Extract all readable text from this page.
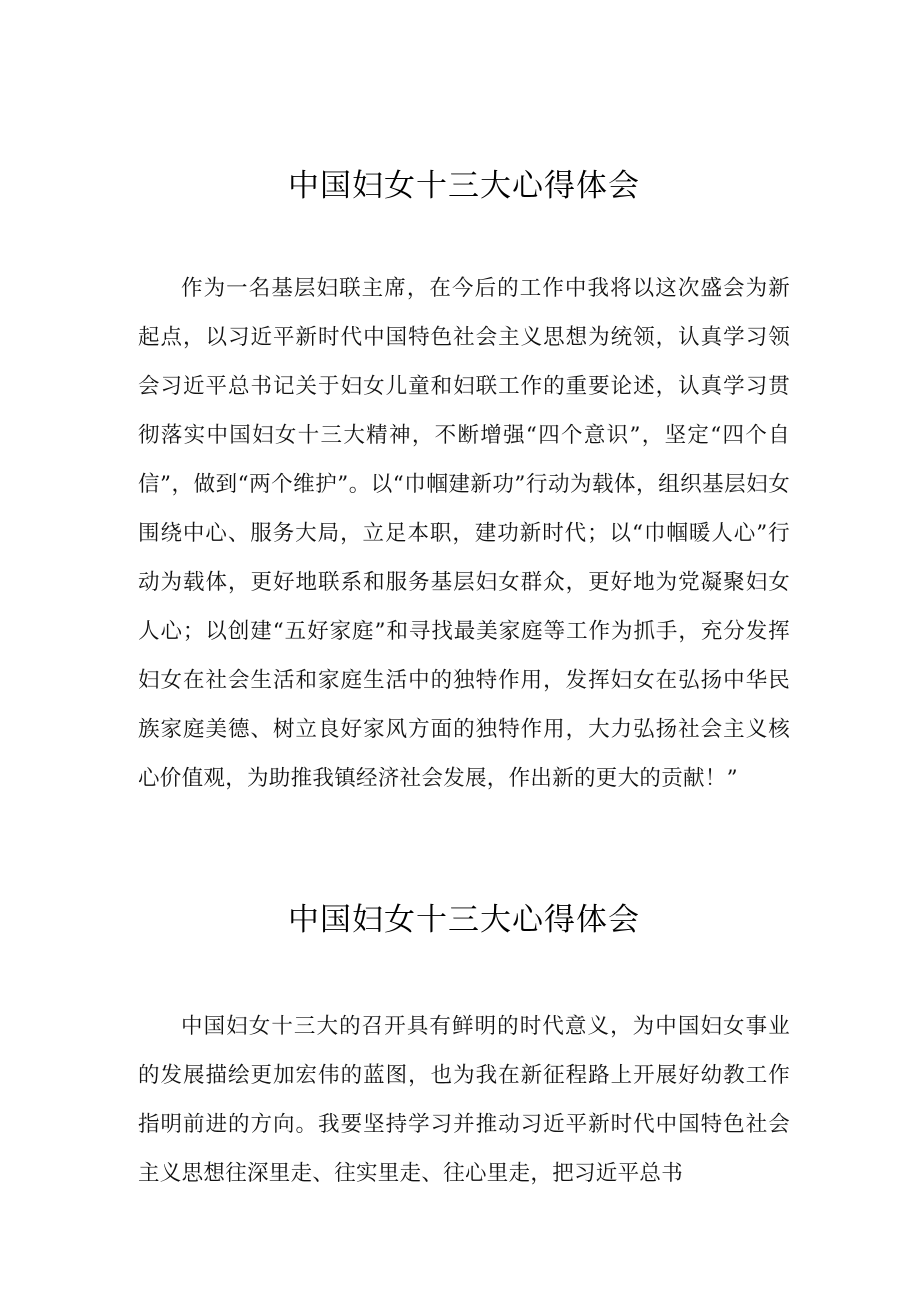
中国妇女十三大心得体会

作为一名基层妇联主席，在今后的工作中我将以这次盛会为新起点，以习近平新时代中国特色社会主义思想为统领，认真学习领会习近平总书记关于妇女儿童和妇联工作的重要论述，认真学习贯彻落实中国妇女十三大精神，不断增强“四个意识”，坚定“四个自信”，做到“两个维护”。以“巾帼建新功”行动为载体，组织基层妇女围绕中心、服务大局，立足本职，建功新时代；以“巾帼暖人心”行动为载体，更好地联系和服务基层妇女群众，更好地为党凝聚妇女人心；以创建“五好家庭”和寻找最美家庭等工作为抓手，充分发挥妇女在社会生活和家庭生活中的独特作用，发挥妇女在弘扬中华民族家庭美德、树立良好家风方面的独特作用，大力弘扬社会主义核心价值观，为助推我镇经济社会发展，作出新的更大的贡献！”

中国妇女十三大心得体会

中国妇女十三大的召开具有鲜明的时代意义，为中国妇女事业的发展描绘更加宏伟的蓝图，也为我在新征程路上开展好幼教工作指明前进的方向。我要坚持学习并推动习近平新时代中国特色社会主义思想往深里走、往实里走、往心里走，把习近平总书
